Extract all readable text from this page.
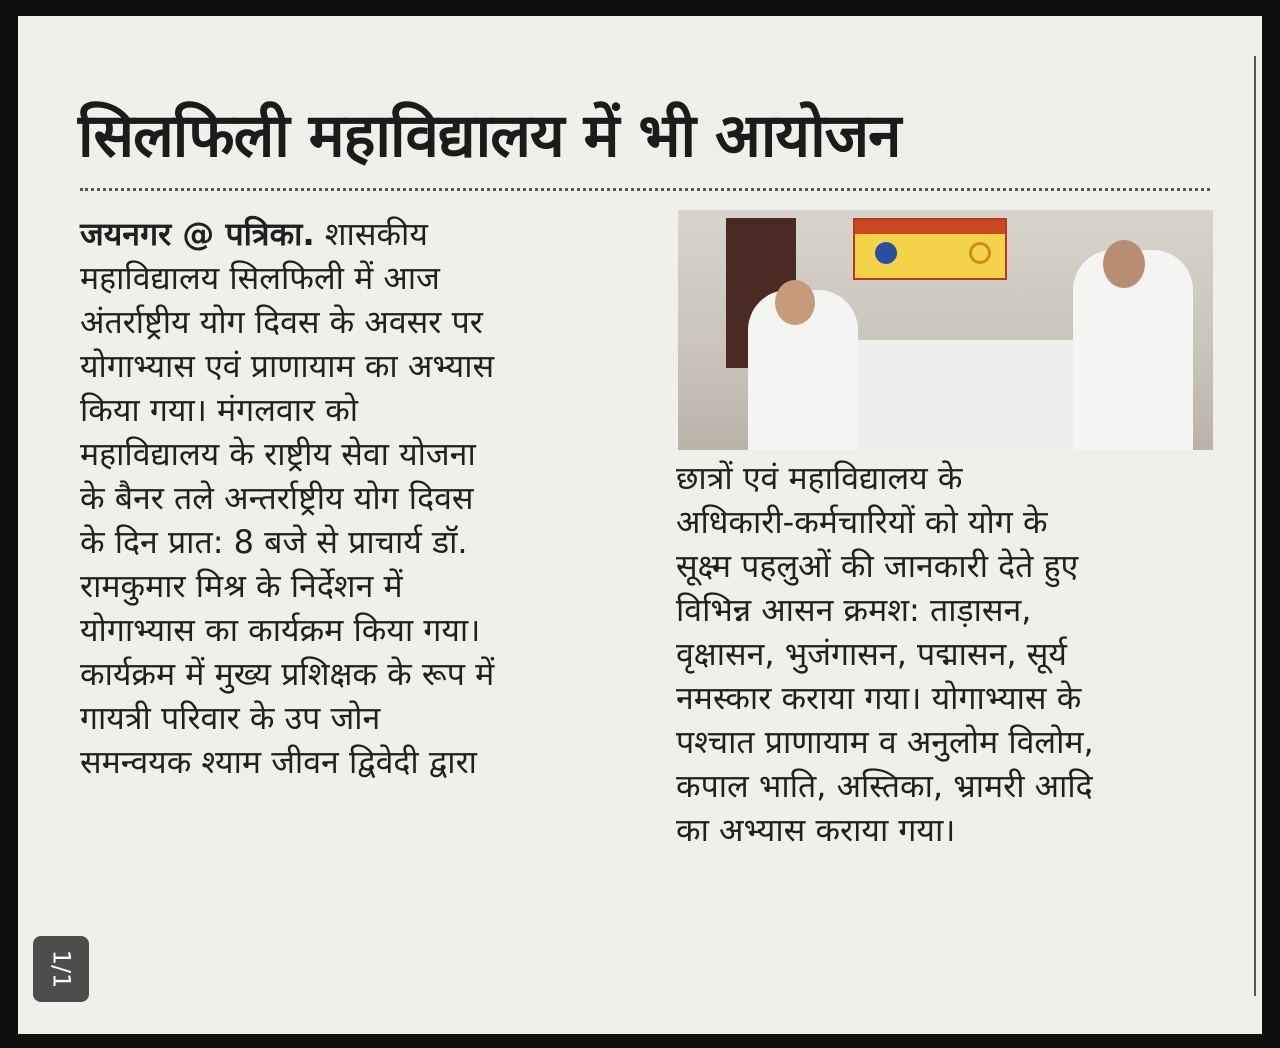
सिलफिली महाविद्यालय में भी आयोजन

जयनगर @ पत्रिका. शासकीय
महाविद्यालय सिलफिली में आज
अंतर्राष्ट्रीय योग दिवस के अवसर पर
योगाभ्यास एवं प्राणायाम का अभ्यास
किया गया। मंगलवार को
महाविद्यालय के राष्ट्रीय सेवा योजना
के बैनर तले अन्तर्राष्ट्रीय योग दिवस
के दिन प्रात: 8 बजे से प्राचार्य डॉ.
रामकुमार मिश्र के निर्देशन में
योगाभ्यास का कार्यक्रम किया गया।
कार्यक्रम में मुख्य प्रशिक्षक के रूप में
गायत्री परिवार के उप जोन
समन्वयक श्याम जीवन द्विवेदी द्वारा

छात्रों एवं महाविद्यालय के
अधिकारी-कर्मचारियों को योग के
सूक्ष्म पहलुओं की जानकारी देते हुए
विभिन्न आसन क्रमश: ताड़ासन,
वृक्षासन, भुजंगासन, पद्मासन, सूर्य
नमस्कार कराया गया। योगाभ्यास के
पश्चात प्राणायाम व अनुलोम विलोम,
कपाल भाति, अस्तिका, भ्रामरी आदि
का अभ्यास कराया गया।

1/1
